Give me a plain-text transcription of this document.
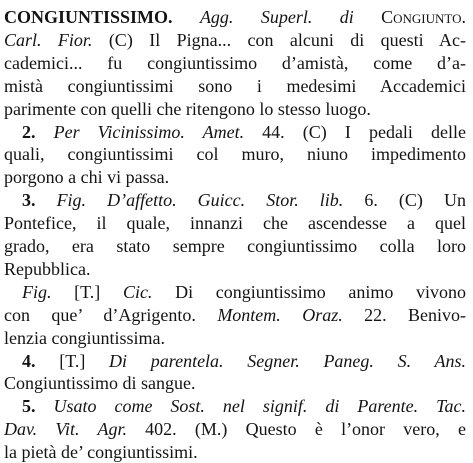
CONGIUNTISSIMO. Agg. Superl. di Congiunto.
Carl. Fior. (C) Il Pigna... con alcuni di questi Ac-
cademici... fu congiuntissimo d’amistà, come d’a-
mistà congiuntissimi sono i medesimi Accademici
parimente con quelli che ritengono lo stesso luogo.
2. Per Vicinissimo. Amet. 44. (C) I pedali delle
quali, congiuntissimi col muro, niuno impedimento
porgono a chi vi passa.
3. Fig. D’affetto. Guicc. Stor. lib. 6. (C) Un
Pontefice, il quale, innanzi che ascendesse a quel
grado, era stato sempre congiuntissimo colla loro
Repubblica.
Fig. [T.] Cic. Di congiuntissimo animo vivono
con que’ d’Agrigento. Montem. Oraz. 22. Benivo-
lenzia congiuntissima.
4. [T.] Di parentela. Segner. Paneg. S. Ans.
Congiuntissimo di sangue.
5. Usato come Sost. nel signif. di Parente. Tac.
Dav. Vit. Agr. 402. (M.) Questo è l’onor vero, e
la pietà de’ congiuntissimi.
